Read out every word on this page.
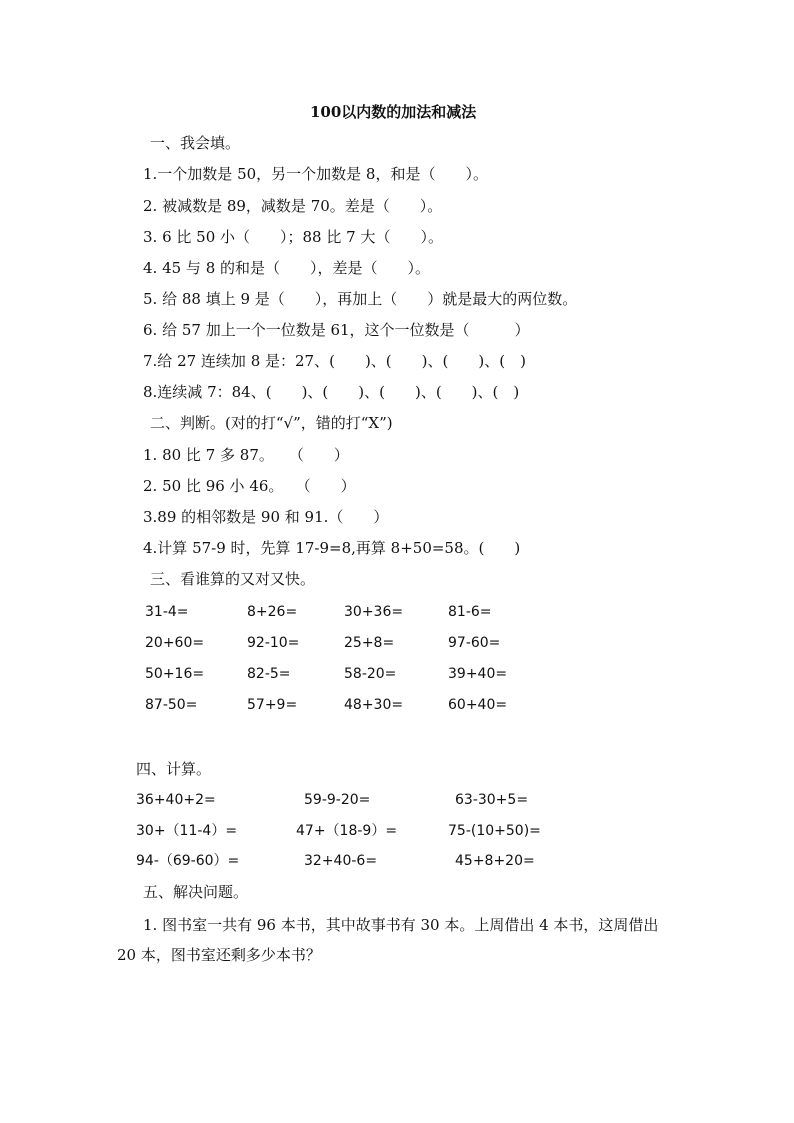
100以内数的加法和减法
一、我会填。
1.一个加数是 50，另一个加数是 8，和是（　　）。
2. 被减数是 89，减数是 70。差是（　　）。
3. 6 比 50 小（　　）；88 比 7 大（　　）。
4. 45 与 8 的和是（　　），差是（　　）。
5. 给 88 填上 9 是（　　），再加上（　　）就是最大的两位数。
6. 给 57 加上一个一位数是 61，这个一位数是（　　　）
7.给 27 连续加 8 是：27、(　　)、(　　)、(　　)、(　)
8.连续减 7：84、(　　)、(　　)、(　　)、(　　)、(　)
二、判断。(对的打“√”，错的打“X”)
1. 80 比 7 多 87。　　（　　）
2. 50 比 96 小 46。　 （　　）
3.89 的相邻数是 90 和 91.（　　）
4.计算 57-9 时，先算 17-9=8,再算 8+50=58。(　　)
三、看谁算的又对又快。
31-4=	8+26=	30+36=	81-6=
20+60=	92-10=	25+8=	97-60=
50+16=	82-5=	58-20=	39+40=
87-50=	57+9=	48+30=	60+40=
四、计算。
36+40+2=	59-9-20=	63-30+5=
30+（11-4）=	47+（18-9）=	75-(10+50)=
94-（69-60）=	32+40-6=	45+8+20=
五、解决问题。
1. 图书室一共有 96 本书，其中故事书有 30 本。上周借出 4 本书，这周借出
20 本，图书室还剩多少本书？
